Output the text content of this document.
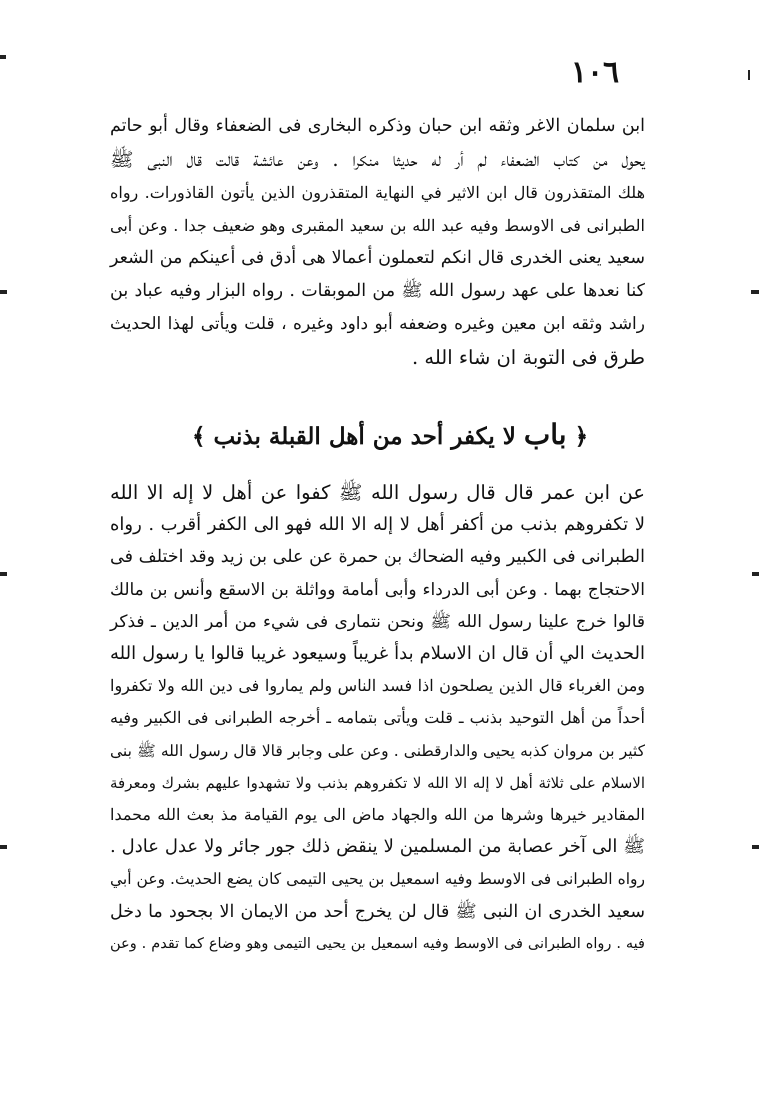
١٠٦
ابن سلمان الاغر وثقه ابن حبان وذكره البخارى فى الضعفاء وقال أبو حاتم
يحول من كتاب الضعفاء لم أر له حديثا منكرا . وعن عائشة قالت قال النبى ﷺ
هلك المتقذرون قال ابن الاثير في النهاية المتقذرون الذين يأتون القاذورات. رواه
الطبرانى فى الاوسط وفيه عبد الله بن سعيد المقبرى وهو ضعيف جدا . وعن أبى
سعيد يعنى الخدرى قال انكم لتعملون أعمالا هى أدق فى أعينكم من الشعر
كنا نعدها على عهد رسول الله ﷺ من الموبقات . رواه البزار وفيه عباد بن
راشد وثقه ابن معين وغيره وضعفه أبو داود وغيره ، قلت ويأتى لهذا الحديث
طرق فى التوبة ان شاء الله .
﴿ باب لا يكفر أحد من أهل القبلة بذنب ﴾
عن ابن عمر قال قال رسول الله ﷺ كفوا عن أهل لا إله الا الله
لا تكفروهم بذنب من أكفر أهل لا إله الا الله فهو الى الكفر أقرب . رواه
الطبرانى فى الكبير وفيه الضحاك بن حمرة عن على بن زيد وقد اختلف فى
الاحتجاج بهما . وعن أبى الدرداء وأبى أمامة وواثلة بن الاسقع وأنس بن مالك
قالوا خرج علينا رسول الله ﷺ ونحن نتمارى فى شيء من أمر الدين ـ فذكر
الحديث الي أن قال ان الاسلام بدأ غريباً وسيعود غريبا قالوا يا رسول الله
ومن الغرباء قال الذين يصلحون اذا فسد الناس ولم يماروا فى دين الله ولا تكفروا
أحداً من أهل التوحيد بذنب ـ قلت ويأتى بتمامه ـ أخرجه الطبرانى فى الكبير وفيه
كثير بن مروان كذبه يحيى والدارقطنى . وعن على وجابر قالا قال رسول الله ﷺ بنى
الاسلام على ثلاثة أهل لا إله الا الله لا تكفروهم بذنب ولا تشهدوا عليهم بشرك ومعرفة
المقادير خيرها وشرها من الله والجهاد ماض الى يوم القيامة مذ بعث الله محمدا
ﷺ الى آخر عصابة من المسلمين لا ينقض ذلك جور جائر ولا عدل عادل .
رواه الطبرانى فى الاوسط وفيه اسمعيل بن يحيى التيمى كان يضع الحديث. وعن أبي
سعيد الخدرى ان النبى ﷺ قال لن يخرج أحد من الايمان الا بجحود ما دخل
فيه . رواه الطبرانى فى الاوسط وفيه اسمعيل بن يحيى التيمى وهو وضاع كما تقدم . وعن
